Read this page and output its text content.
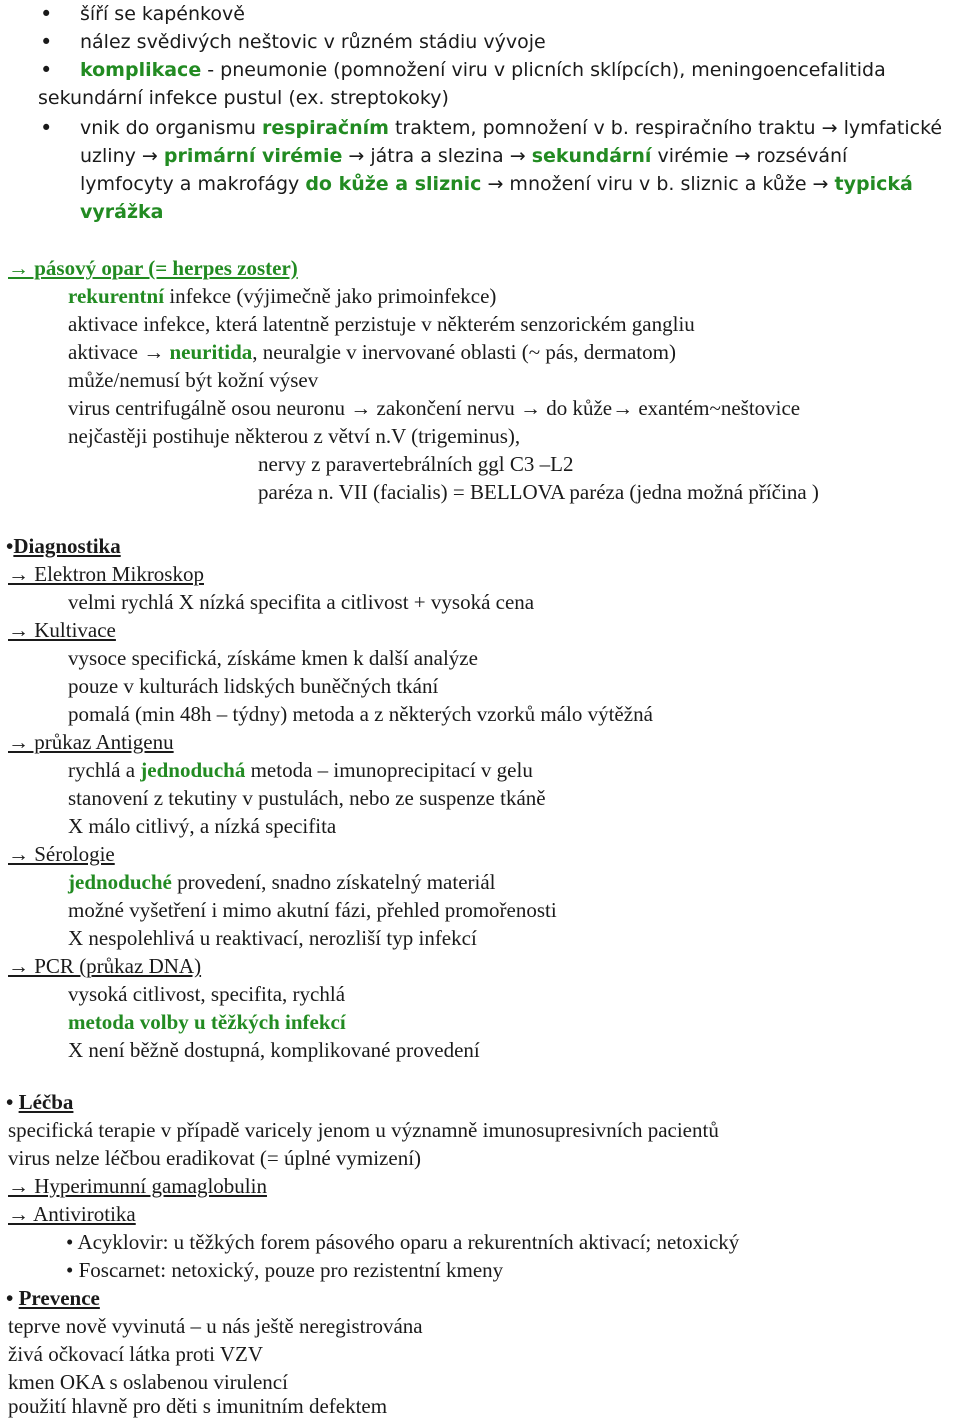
• šíří se kapénkově
• nález svědivých neštovic v různém stádiu vývoje
• komplikace - pneumonie (pomnožení viru v plicních sklípcích), meningoencefalitida
sekundární infekce pustul (ex. streptokoky)
• vnik do organismu respiračním traktem, pomnožení v b. respiračního traktu → lymfatické
uzliny → primární virémie → játra a slezina → sekundární virémie → rozsévání
lymfocyty a makrofágy do kůže a sliznic → množení viru v b. sliznic a kůže → typická
vyrážka
→ pásový opar (= herpes zoster)
rekurentní infekce (výjimečně jako primoinfekce)
aktivace infekce, která latentně perzistuje v některém senzorickém gangliu
aktivace → neuritida, neuralgie v inervované oblasti (~ pás, dermatom)
může/nemusí být kožní výsev
virus centrifugálně osou neuronu → zakončení nervu → do kůže→ exantém~neštovice
nejčastěji postihuje některou z větví n.V (trigeminus),
nervy z paravertebrálních ggl C3 –L2
paréza n. VII (facialis) = BELLOVA paréza (jedna možná příčina )
•Diagnostika
→ Elektron Mikroskop
velmi rychlá X nízká specifita a citlivost + vysoká cena
→ Kultivace
vysoce specifická, získáme kmen k další analýze
pouze v kulturách lidských buněčných tkání
pomalá (min 48h – týdny) metoda a z některých vzorků málo výtěžná
→ průkaz Antigenu
rychlá a jednoduchá metoda – imunoprecipitací v gelu
stanovení z tekutiny v pustulách, nebo ze suspenze tkáně
X málo citlivý, a nízká specifita
→ Sérologie
jednoduché provedení, snadno získatelný materiál
možné vyšetření i mimo akutní fázi, přehled promořenosti
X nespolehlivá u reaktivací, nerozliší typ infekcí
→ PCR (průkaz DNA)
vysoká citlivost, specifita, rychlá
metoda volby u těžkých infekcí
X není běžně dostupná, komplikované provedení
• Léčba
specifická terapie v případě varicely jenom u významně imunosupresivních pacientů
virus nelze léčbou eradikovat (= úplné vymizení)
→ Hyperimunní gamaglobulin
→ Antivirotika
• Acyklovir: u těžkých forem pásového oparu a rekurentních aktivací; netoxický
• Foscarnet: netoxický, pouze pro rezistentní kmeny
• Prevence
teprve nově vyvinutá – u nás ještě neregistrována
živá očkovací látka proti VZV
kmen OKA s oslabenou virulencí
použití hlavně pro děti s imunitním defektem
